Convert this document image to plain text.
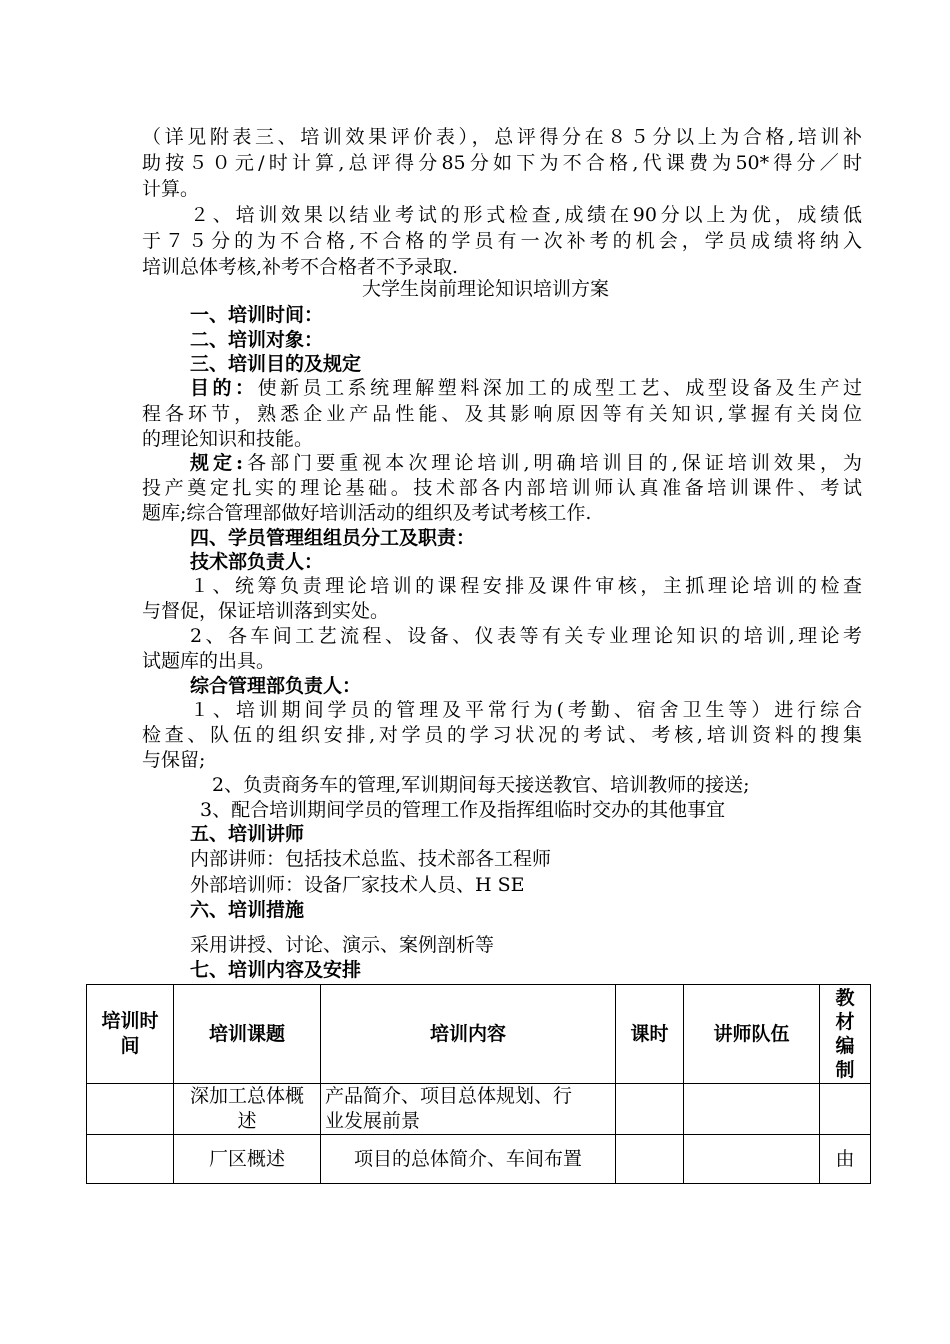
（详见附表三、培训效果评价表），总评得分在８５分以上为合格,培训补
助按５０元/时计算,总评得分85分如下为不合格,代课费为50*得分／时
计算。
２、培训效果以结业考试的形式检查,成绩在90分以上为优，成绩低
于７５分的为不合格,不合格的学员有一次补考的机会，学员成绩将纳入
培训总体考核,补考不合格者不予录取.
大学生岗前理论知识培训方案
一、培训时间：
二、培训对象：
三、培训目的及规定
目的：使新员工系统理解塑料深加工的成型工艺、成型设备及生产过
程各环节，熟悉企业产品性能、及其影响原因等有关知识,掌握有关岗位
的理论知识和技能。
规定:各部门要重视本次理论培训,明确培训目的,保证培训效果，为
投产奠定扎实的理论基础。技术部各内部培训师认真准备培训课件、考试
题库;综合管理部做好培训活动的组织及考试考核工作.
四、学员管理组组员分工及职责：
技术部负责人：
１、统筹负责理论培训的课程安排及课件审核，主抓理论培训的检查
与督促，保证培训落到实处。
2、各车间工艺流程、设备、仪表等有关专业理论知识的培训,理论考
试题库的出具。
综合管理部负责人：
１、培训期间学员的管理及平常行为(考勤、宿舍卫生等）进行综合
检查、队伍的组织安排,对学员的学习状况的考试、考核,培训资料的搜集
与保留;
2、负责商务车的管理,军训期间每天接送教官、培训教师的接送;
3、配合培训期间学员的管理工作及指挥组临时交办的其他事宜
五、培训讲师
内部讲师：包括技术总监、技术部各工程师
外部培训师：设备厂家技术人员、H SE
六、培训措施
采用讲授、讨论、演示、案例剖析等
七、培训内容及安排
培训时间	培训课题	培训内容	课时	讲师队伍	教材编制
	深加工总体概述	产品简介、项目总体规划、行业发展前景			
	厂区概述	项目的总体简介、车间布置			由
